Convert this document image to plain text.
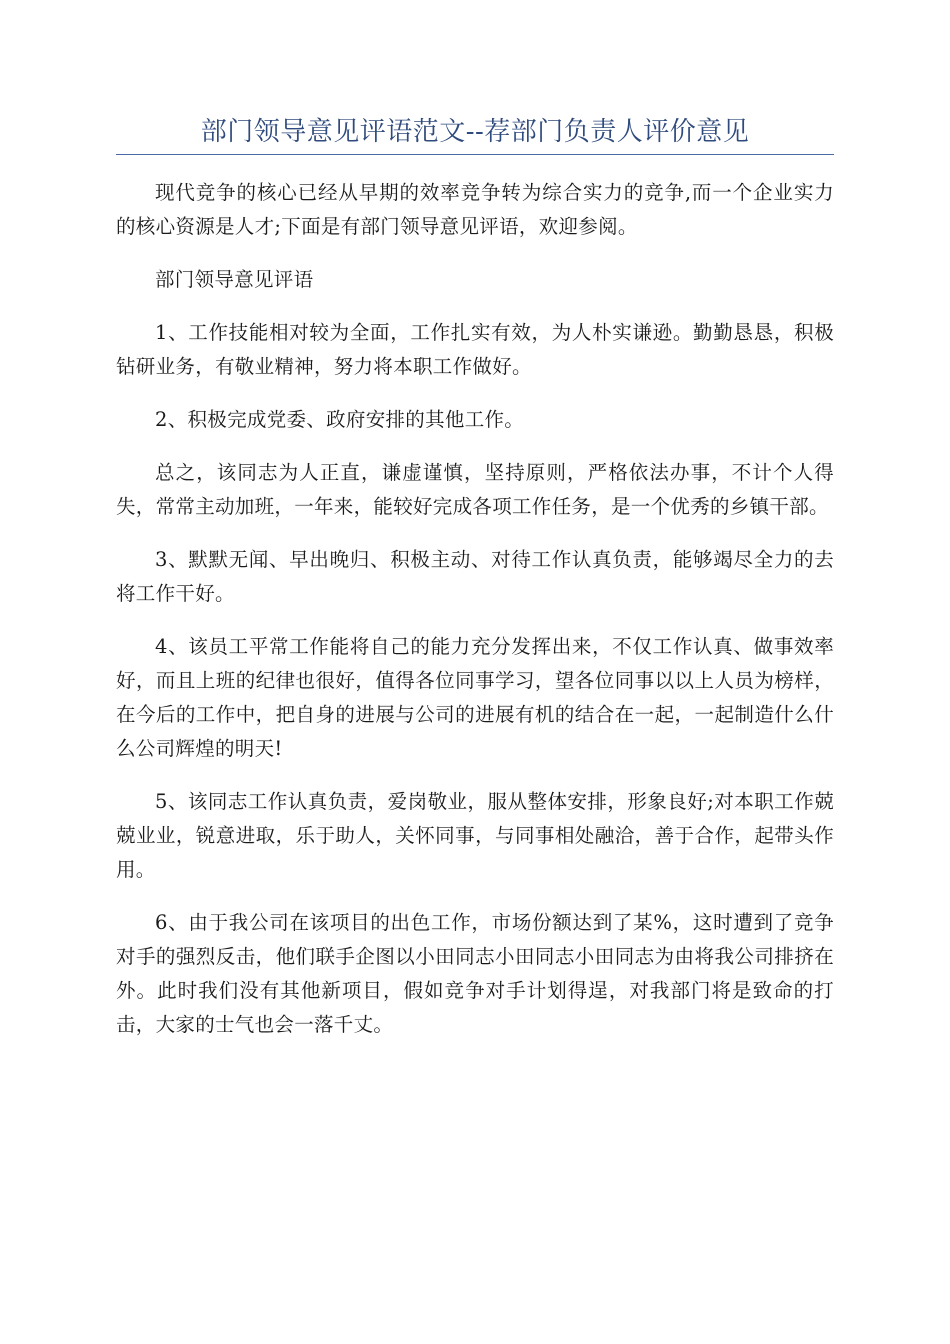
部门领导意见评语范文--荐部门负责人评价意见

现代竞争的核心已经从早期的效率竞争转为综合实力的竞争,而一个企业实力的核心资源是人才;下面是有部门领导意见评语，欢迎参阅。

部门领导意见评语

1、工作技能相对较为全面，工作扎实有效，为人朴实谦逊。勤勤恳恳，积极钻研业务，有敬业精神，努力将本职工作做好。

2、积极完成党委、政府安排的其他工作。

总之，该同志为人正直，谦虚谨慎，坚持原则，严格依法办事，不计个人得失，常常主动加班，一年来，能较好完成各项工作任务，是一个优秀的乡镇干部。

3、默默无闻、早出晚归、积极主动、对待工作认真负责，能够竭尽全力的去将工作干好。

4、该员工平常工作能将自己的能力充分发挥出来，不仅工作认真、做事效率好，而且上班的纪律也很好，值得各位同事学习，望各位同事以以上人员为榜样，在今后的工作中，把自身的进展与公司的进展有机的结合在一起，一起制造什么什么公司辉煌的明天!

5、该同志工作认真负责，爱岗敬业，服从整体安排，形象良好;对本职工作兢兢业业，锐意进取，乐于助人，关怀同事，与同事相处融洽，善于合作，起带头作用。

6、由于我公司在该项目的出色工作，市场份额达到了某%，这时遭到了竞争对手的强烈反击，他们联手企图以小田同志小田同志小田同志为由将我公司排挤在外。此时我们没有其他新项目，假如竞争对手计划得逞，对我部门将是致命的打击，大家的士气也会一落千丈。
